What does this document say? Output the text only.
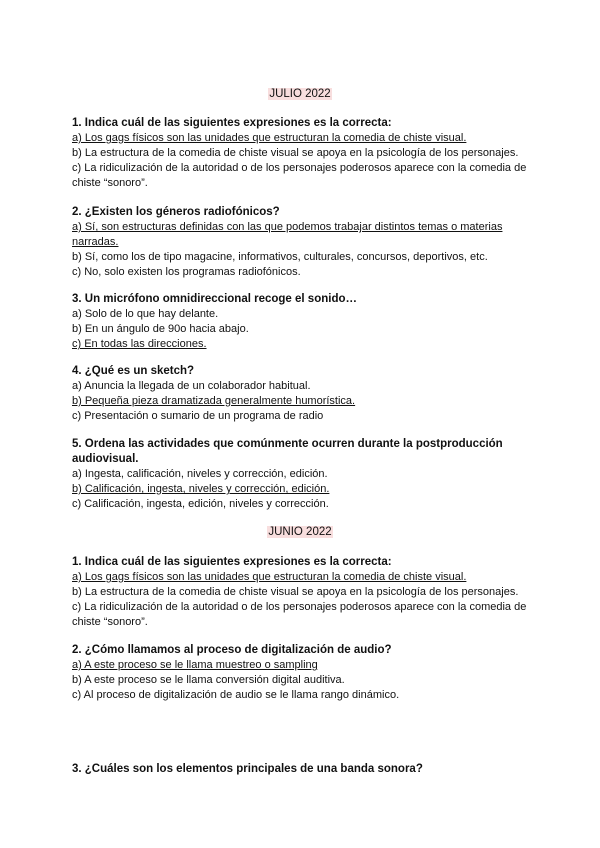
JULIO 2022
1. Indica cuál de las siguientes expresiones es la correcta:
a) Los gags físicos son las unidades que estructuran la comedia de chiste visual.
b) La estructura de la comedia de chiste visual se apoya en la psicología de los personajes.
c) La ridiculización de la autoridad o de los personajes poderosos aparece con la comedia de chiste “sonoro”.
2. ¿Existen los géneros radiofónicos?
a) Sí, son estructuras definidas con las que podemos trabajar distintos temas o materias narradas.
b) Sí, como los de tipo magacine, informativos, culturales, concursos, deportivos, etc.
c) No, solo existen los programas radiofónicos.
3. Un micrófono omnidireccional recoge el sonido…
a) Solo de lo que hay delante.
b) En un ángulo de 90o hacia abajo.
c) En todas las direcciones.
4. ¿Qué es un sketch?
a) Anuncia la llegada de un colaborador habitual.
b) Pequeña pieza dramatizada generalmente humorística.
c) Presentación o sumario de un programa de radio
5. Ordena las actividades que comúnmente ocurren durante la postproducción audiovisual.
a) Ingesta, calificación, niveles y corrección, edición.
b) Calificación, ingesta, niveles y corrección, edición.
c) Calificación, ingesta, edición, niveles y corrección.
JUNIO 2022
1. Indica cuál de las siguientes expresiones es la correcta:
a) Los gags físicos son las unidades que estructuran la comedia de chiste visual.
b) La estructura de la comedia de chiste visual se apoya en la psicología de los personajes.
c) La ridiculización de la autoridad o de los personajes poderosos aparece con la comedia de chiste “sonoro”.
2. ¿Cómo llamamos al proceso de digitalización de audio?
a) A este proceso se le llama muestreo o sampling
b) A este proceso se le llama conversión digital auditiva.
c) Al proceso de digitalización de audio se le llama rango dinámico.
3. ¿Cuáles son los elementos principales de una banda sonora?
